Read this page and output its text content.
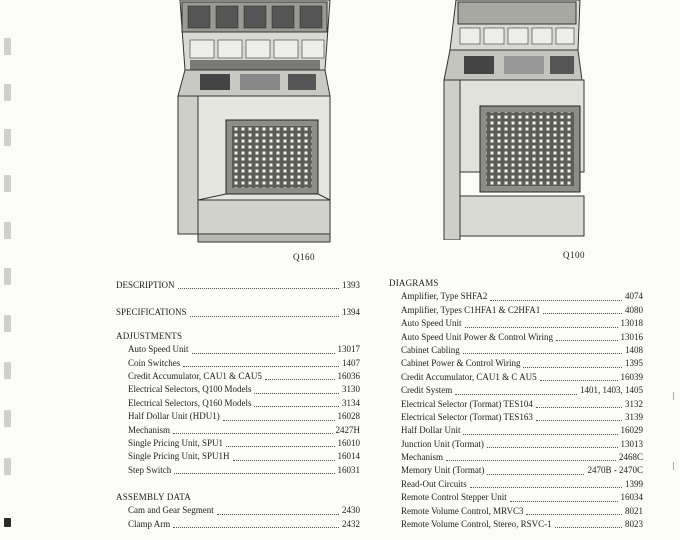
Q160	Q100
DESCRIPTION	1393
SPECIFICATIONS	1394
ADJUSTMENTS
Auto Speed Unit	13017
Coin Switches	1407
Credit Accumulator, CAU1 & CAU5	16036
Electrical Selectors, Q100 Models	3130
Electrical Selectors, Q160 Models	3134
Half Dollar Unit (HDU1)	16028
Mechanism	2427H
Single Pricing Unit, SPU1	16010
Single Pricing Unit, SPU1H	16014
Step Switch	16031
ASSEMBLY DATA
Cam and Gear Segment	2430
Clamp Arm	2432
DIAGRAMS
Amplifier, Type SHFA2	4074
Amplifier, Types C1HFA1 & C2HFA1	4080
Auto Speed Unit	13018
Auto Speed Unit Power & Control Wiring	13016
Cabinet Cabling	1408
Cabinet Power & Control Wiring	1395
Credit Accumulator, CAU1 & C AU5	16039
Credit System	1401, 1403, 1405
Electrical Selector (Tormat) TES104	3132
Electrical Selector (Tormat) TES163	3139
Half Dollar Unit	16029
Junction Unit (Tormat)	13013
Mechanism	2468C
Memory Unit (Tormat)	2470B - 2470C
Read-Out Circuits	1399
Remote Control Stepper Unit	16034
Remote Volume Control, MRVC3	8021
Remote Volume Control, Stereo, RSVC-1	8023
